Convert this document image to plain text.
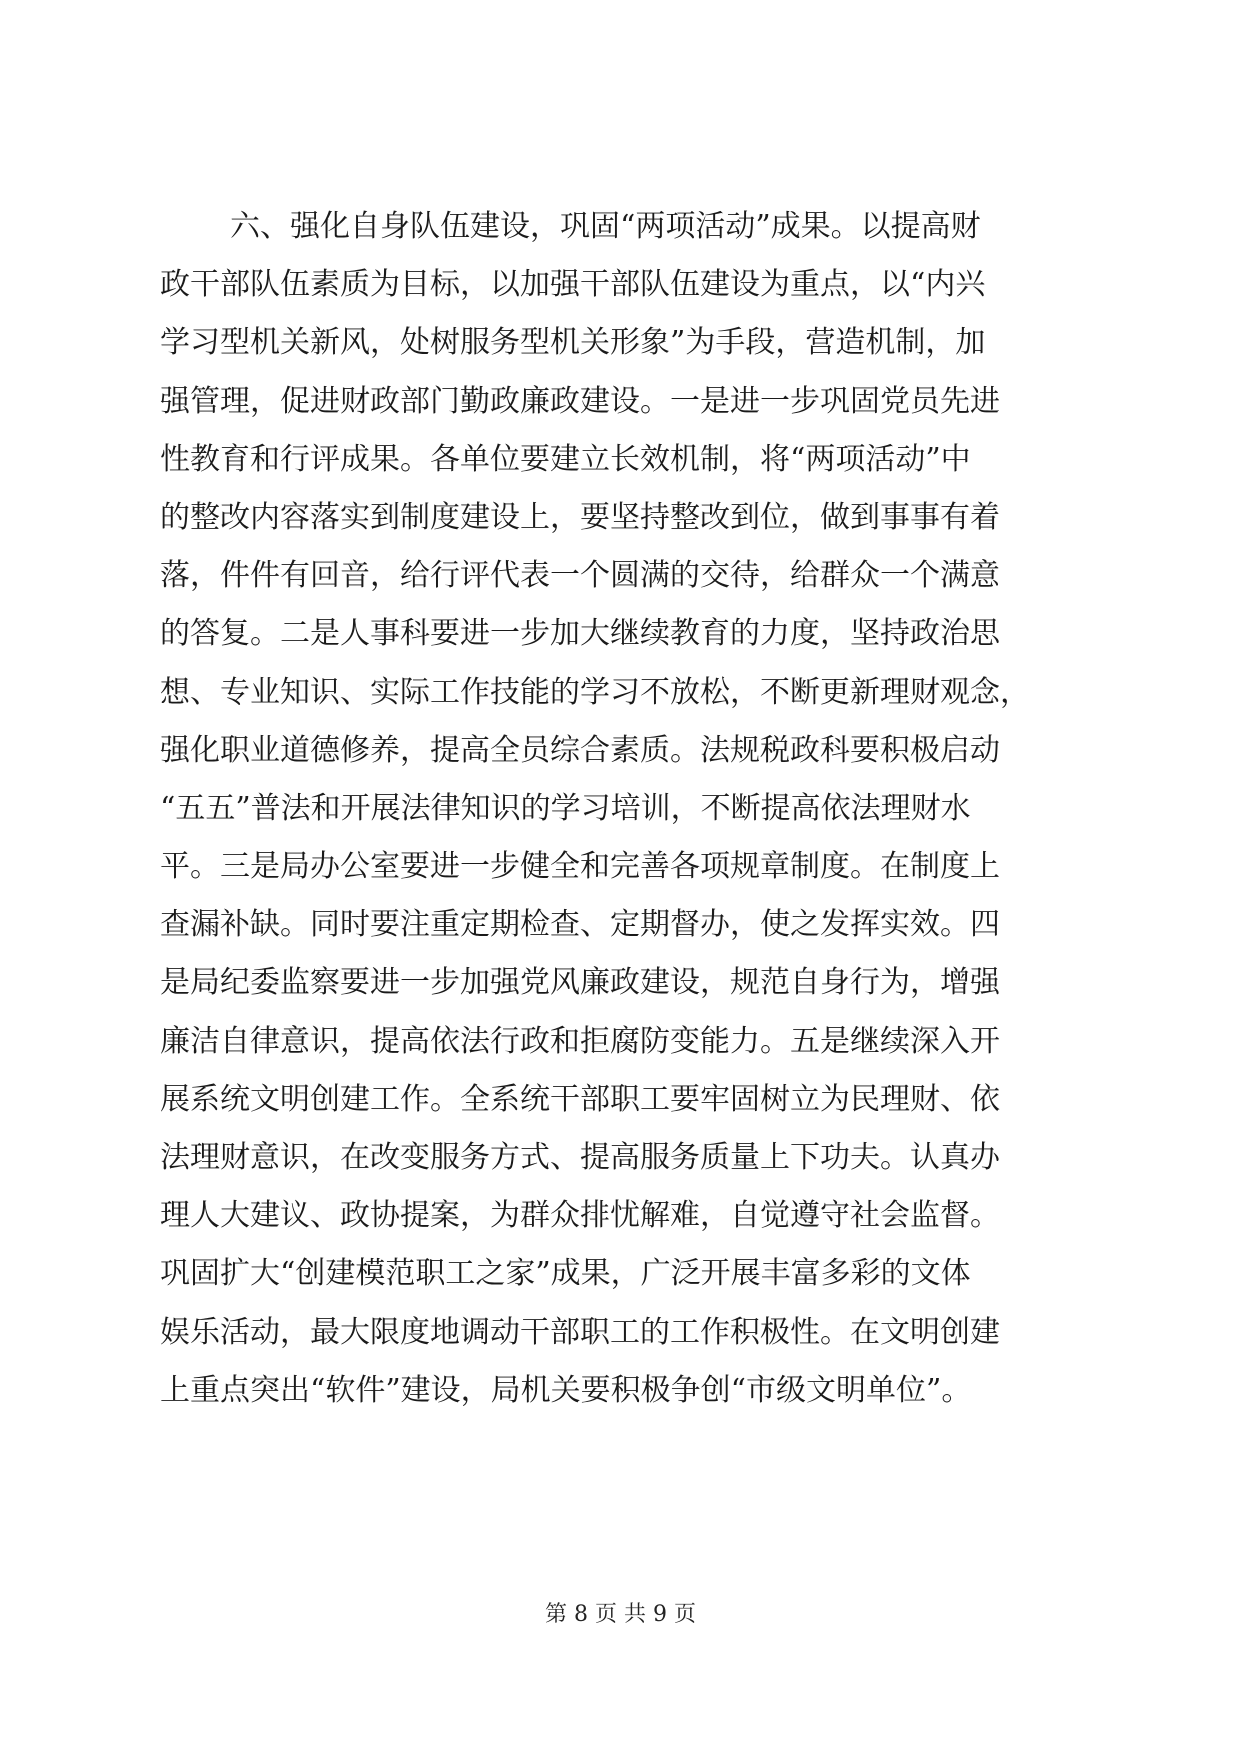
六、强化自身队伍建设，巩固“两项活动”成果。以提高财
政干部队伍素质为目标，以加强干部队伍建设为重点，以“内兴
学习型机关新风，处树服务型机关形象”为手段，营造机制，加
强管理，促进财政部门勤政廉政建设。一是进一步巩固党员先进
性教育和行评成果。各单位要建立长效机制，将“两项活动”中
的整改内容落实到制度建设上，要坚持整改到位，做到事事有着
落，件件有回音，给行评代表一个圆满的交待，给群众一个满意
的答复。二是人事科要进一步加大继续教育的力度，坚持政治思
想、专业知识、实际工作技能的学习不放松，不断更新理财观念，
强化职业道德修养，提高全员综合素质。法规税政科要积极启动
“五五”普法和开展法律知识的学习培训，不断提高依法理财水
平。三是局办公室要进一步健全和完善各项规章制度。在制度上
查漏补缺。同时要注重定期检查、定期督办，使之发挥实效。四
是局纪委监察要进一步加强党风廉政建设，规范自身行为，增强
廉洁自律意识，提高依法行政和拒腐防变能力。五是继续深入开
展系统文明创建工作。全系统干部职工要牢固树立为民理财、依
法理财意识，在改变服务方式、提高服务质量上下功夫。认真办
理人大建议、政协提案，为群众排忧解难，自觉遵守社会监督。
巩固扩大“创建模范职工之家”成果，广泛开展丰富多彩的文体
娱乐活动，最大限度地调动干部职工的工作积极性。在文明创建
上重点突出“软件”建设，局机关要积极争创“市级文明单位”。
第 8 页 共 9 页
